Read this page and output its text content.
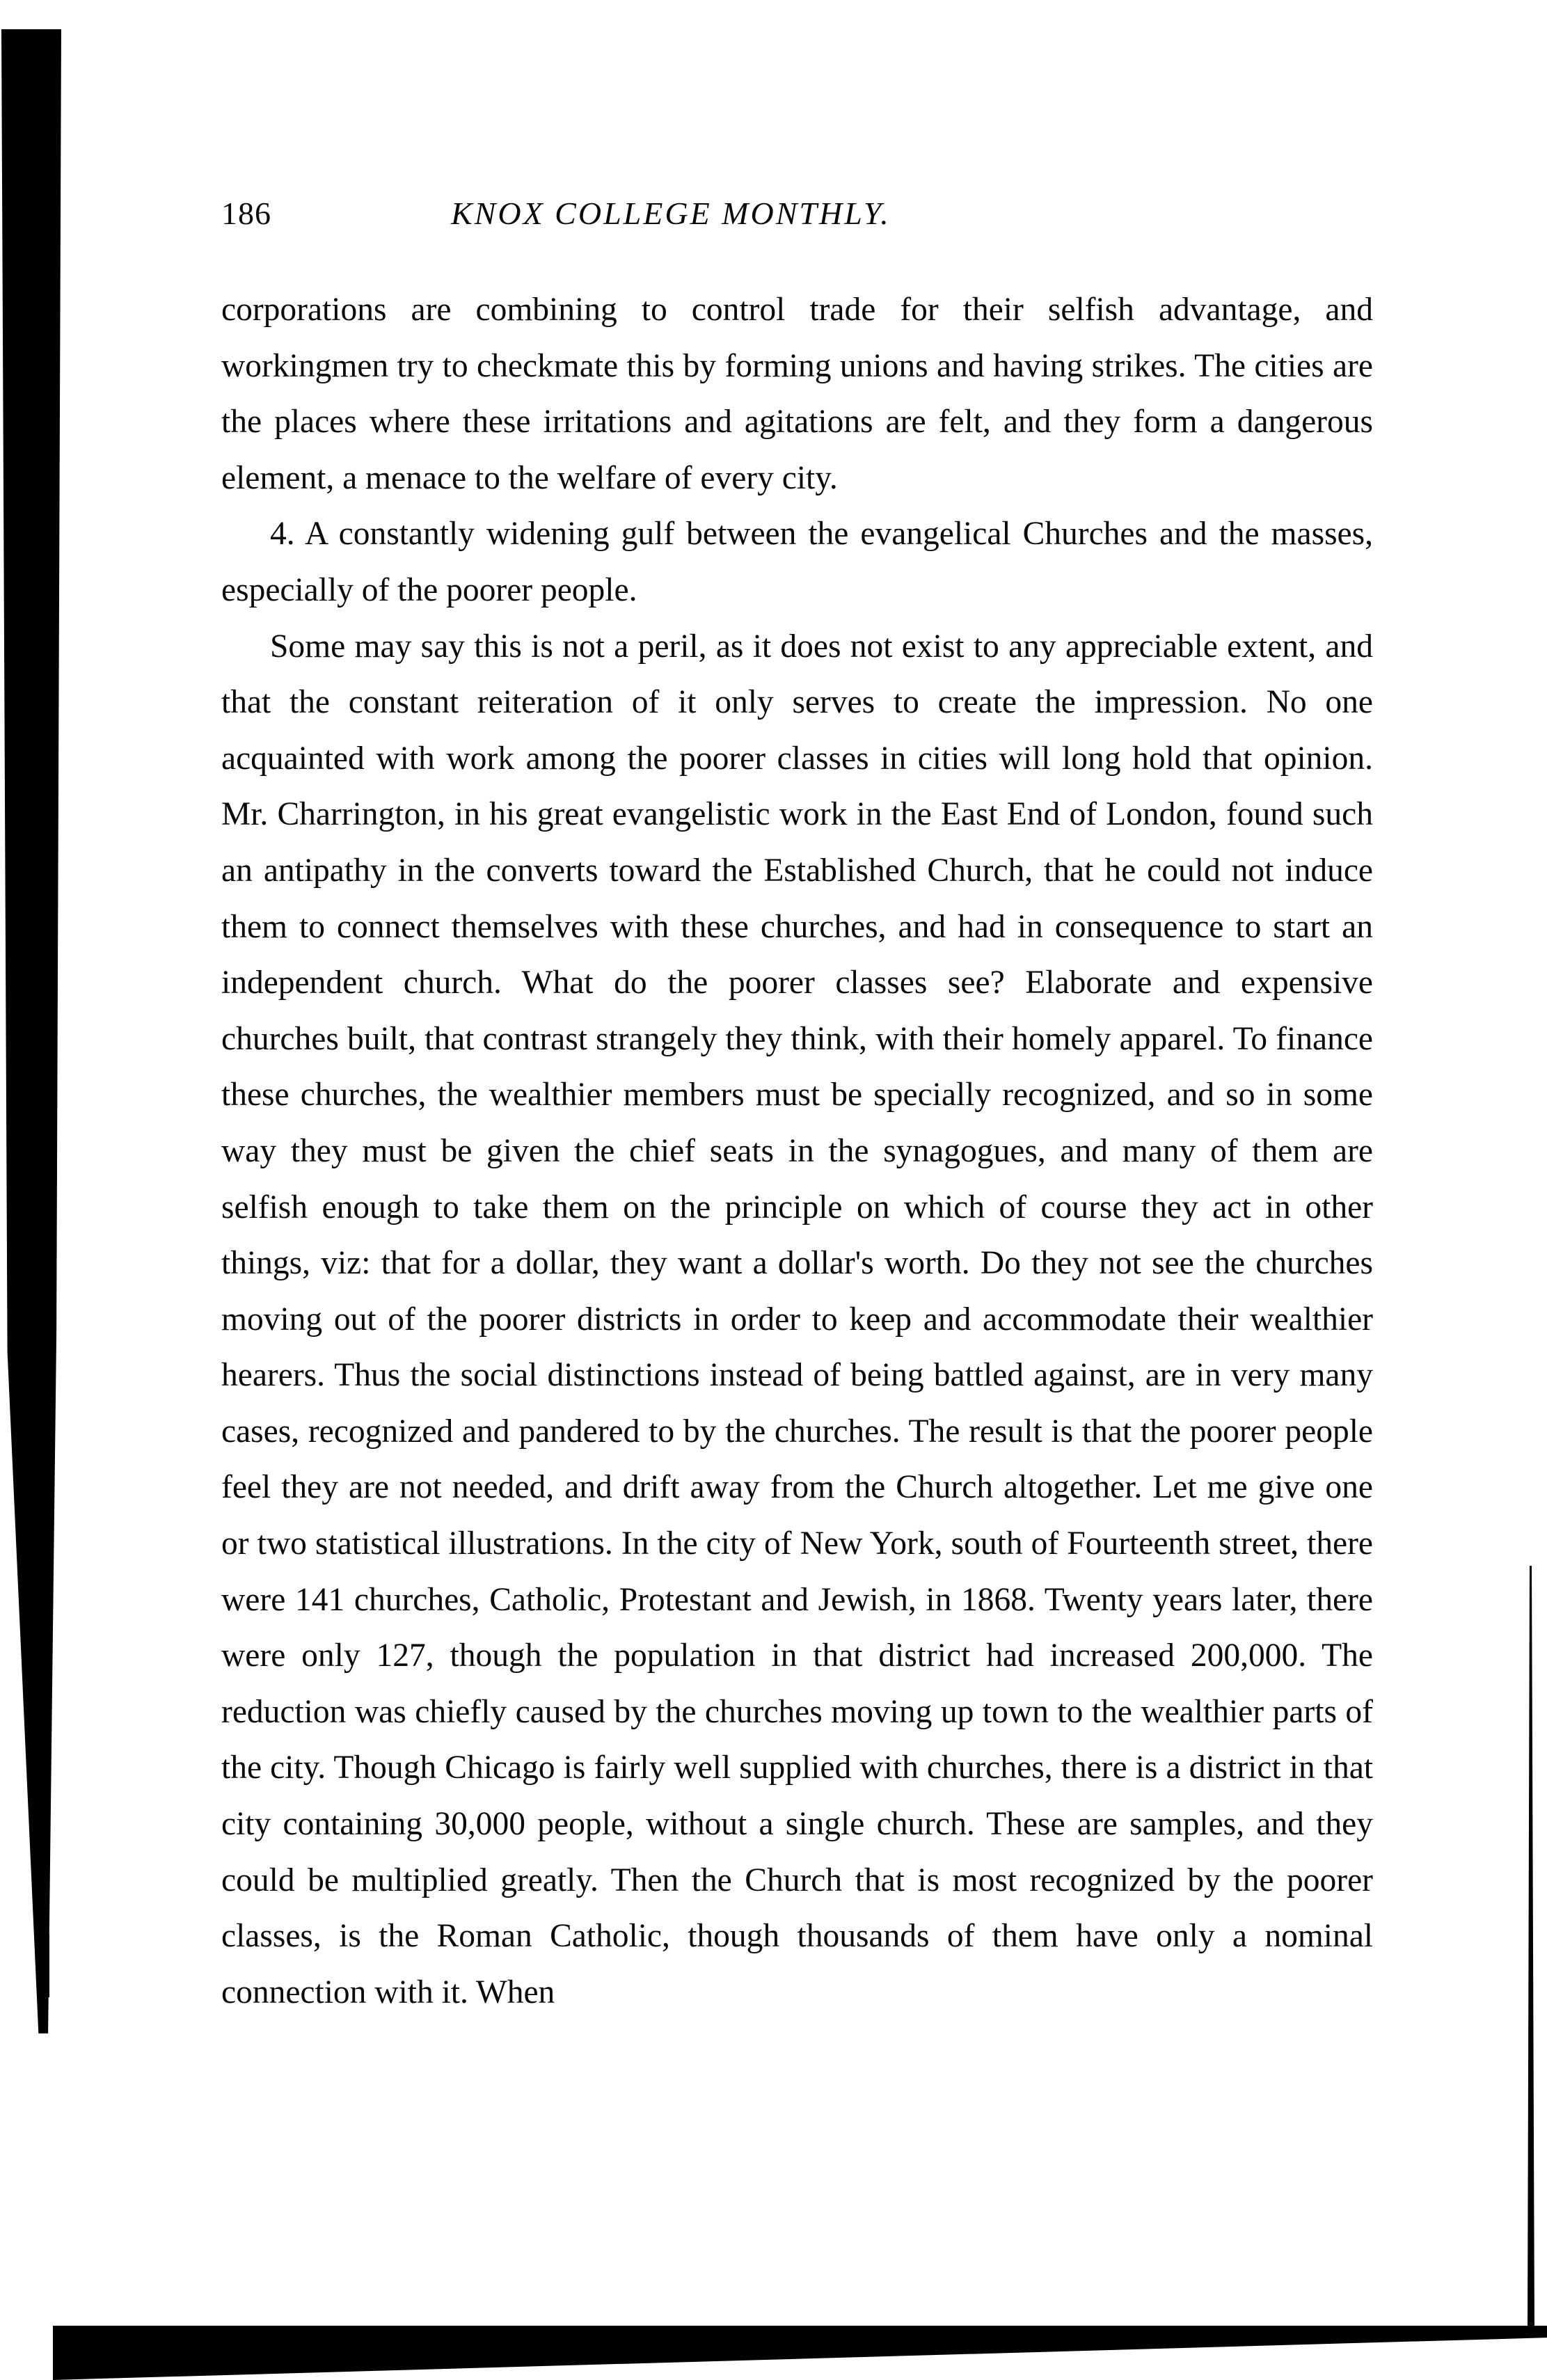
186	KNOX COLLEGE MONTHLY.

corporations are combining to control trade for their selfish advantage, and workingmen try to checkmate this by forming unions and having strikes. The cities are the places where these irritations and agitations are felt, and they form a dangerous element, a menace to the welfare of every city.

4. A constantly widening gulf between the evangelical Churches and the masses, especially of the poorer people.

Some may say this is not a peril, as it does not exist to any appreciable extent, and that the constant reiteration of it only serves to create the impression. No one acquainted with work among the poorer classes in cities will long hold that opinion. Mr. Charrington, in his great evangelistic work in the East End of London, found such an antipathy in the converts toward the Established Church, that he could not induce them to connect themselves with these churches, and had in consequence to start an independent church. What do the poorer classes see? Elaborate and expensive churches built, that contrast strangely they think, with their homely apparel. To finance these churches, the wealthier members must be specially recognized, and so in some way they must be given the chief seats in the synagogues, and many of them are selfish enough to take them on the principle on which of course they act in other things, viz: that for a dollar, they want a dollar's worth. Do they not see the churches moving out of the poorer districts in order to keep and accommodate their wealthier hearers. Thus the social distinctions instead of being battled against, are in very many cases, recognized and pandered to by the churches. The result is that the poorer people feel they are not needed, and drift away from the Church altogether. Let me give one or two statistical illustrations. In the city of New York, south of Fourteenth street, there were 141 churches, Catholic, Protestant and Jewish, in 1868. Twenty years later, there were only 127, though the population in that district had increased 200,000. The reduction was chiefly caused by the churches moving up town to the wealthier parts of the city. Though Chicago is fairly well supplied with churches, there is a district in that city containing 30,000 people, without a single church. These are samples, and they could be multiplied greatly. Then the Church that is most recognized by the poorer classes, is the Roman Catholic, though thousands of them have only a nominal connection with it. When
